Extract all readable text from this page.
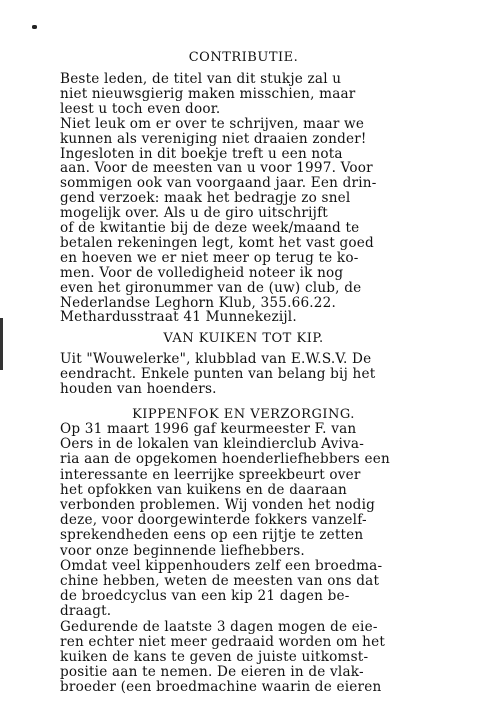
CONTRIBUTIE.
Beste leden, de titel van dit stukje zal u
niet nieuwsgierig maken misschien, maar
leest u toch even door.
Niet leuk om er over te schrijven, maar we
kunnen als vereniging niet draaien zonder!
Ingesloten in dit boekje treft u een nota
aan. Voor de meesten van u voor 1997. Voor
sommigen ook van voorgaand jaar. Een drin-
gend verzoek: maak het bedragje zo snel
mogelijk over. Als u de giro uitschrijft
of de kwitantie bij de deze week/maand te
betalen rekeningen legt, komt het vast goed
en hoeven we er niet meer op terug te ko-
men. Voor de volledigheid noteer ik nog
even het gironummer van de (uw) club, de
Nederlandse Leghorn Klub, 355.66.22.
Methardusstraat 41 Munnekezijl.
VAN KUIKEN TOT KIP.
Uit "Wouwelerke", klubblad van E.W.S.V. De
eendracht. Enkele punten van belang bij het
houden van hoenders.
KIPPENFOK EN VERZORGING.
Op 31 maart 1996 gaf keurmeester F. van
Oers in de lokalen van kleindierclub Avivа-
ria aan de opgekomen hoenderliefhebbers een
interessante en leerrijke spreekbeurt over
het opfokken van kuikens en de daaraan
verbonden problemen. Wij vonden het nodig
deze, voor doorgewinterde fokkers vanzelf-
sprekendheden eens op een rijtje te zetten
voor onze beginnende liefhebbers.
Omdat veel kippenhouders zelf een broedma-
chine hebben, weten de meesten van ons dat
de broedcyclus van een kip 21 dagen be-
draagt.
Gedurende de laatste 3 dagen mogen de eie-
ren echter niet meer gedraaid worden om het
kuiken de kans te geven de juiste uitkomst-
positie aan te nemen. De eieren in de vlak-
broeder (een broedmachine waarin de eieren
